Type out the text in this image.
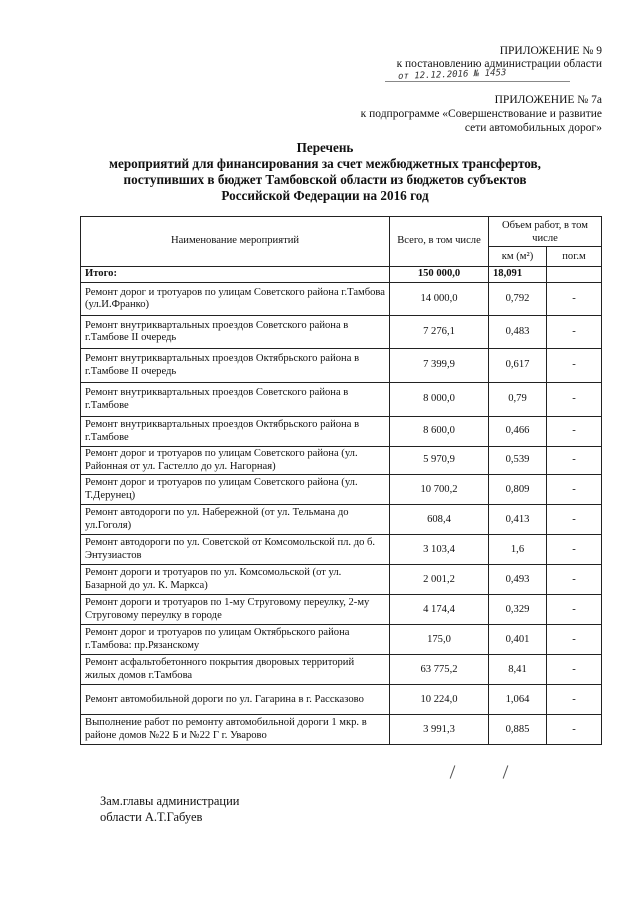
ПРИЛОЖЕНИЕ № 9
к постановлению администрации области
от 12.12.2016 № 1453
ПРИЛОЖЕНИЕ № 7а
к подпрограмме «Совершенствование и развитие
сети автомобильных дорог»
Перечень
мероприятий для финансирования за счет межбюджетных трансфертов,
поступивших в бюджет Тамбовской области из бюджетов субъектов
Российской Федерации на 2016 год
Наименование мероприятий	Всего, в том числе	Объем работ, в том числе	
		км (м²)	пог.м
Итого:	150 000,0	18,091	
Ремонт дорог и тротуаров по улицам Советского района г.Тамбова (ул.И.Франко)	14 000,0	0,792	-
Ремонт внутриквартальных проездов Советского района в г.Тамбове II очередь	7 276,1	0,483	-
Ремонт внутриквартальных проездов Октябрьского района в г.Тамбове II очередь	7 399,9	0,617	-
Ремонт внутриквартальных проездов Советского района в г.Тамбове	8 000,0	0,79	-
Ремонт внутриквартальных проездов Октябрьского района в г.Тамбове	8 600,0	0,466	-
Ремонт дорог и тротуаров по улицам Советского района (ул. Районная от ул. Гастелло до ул. Нагорная)	5 970,9	0,539	-
Ремонт дорог и тротуаров по улицам Советского района (ул. Т.Дерунец)	10 700,2	0,809	-
Ремонт автодороги по ул. Набережной (от ул. Тельмана до ул.Гоголя)	608,4	0,413	-
Ремонт автодороги по ул. Советской от Комсомольской пл. до б. Энтузиастов	3 103,4	1,6	-
Ремонт дороги и тротуаров по ул. Комсомольской (от ул. Базарной до ул. К. Маркса)	2 001,2	0,493	-
Ремонт дороги и тротуаров по 1-му Струговому переулку, 2-му Струговому переулку в городе	4 174,4	0,329	-
Ремонт дорог и тротуаров по улицам Октябрьского района г.Тамбова: пр.Рязанскому	175,0	0,401	-
Ремонт асфальтобетонного покрытия дворовых территорий жилых домов г.Тамбова	63 775,2	8,41	-
Ремонт автомобильной дороги по ул. Гагарина в г. Рассказово	10 224,0	1,064	-
Выполнение работ по ремонту автомобильной дороги 1 мкр. в районе домов №22 Б и №22 Г г. Уварово	3 991,3	0,885	-
Зам.главы администрации
области А.Т.Габуев
